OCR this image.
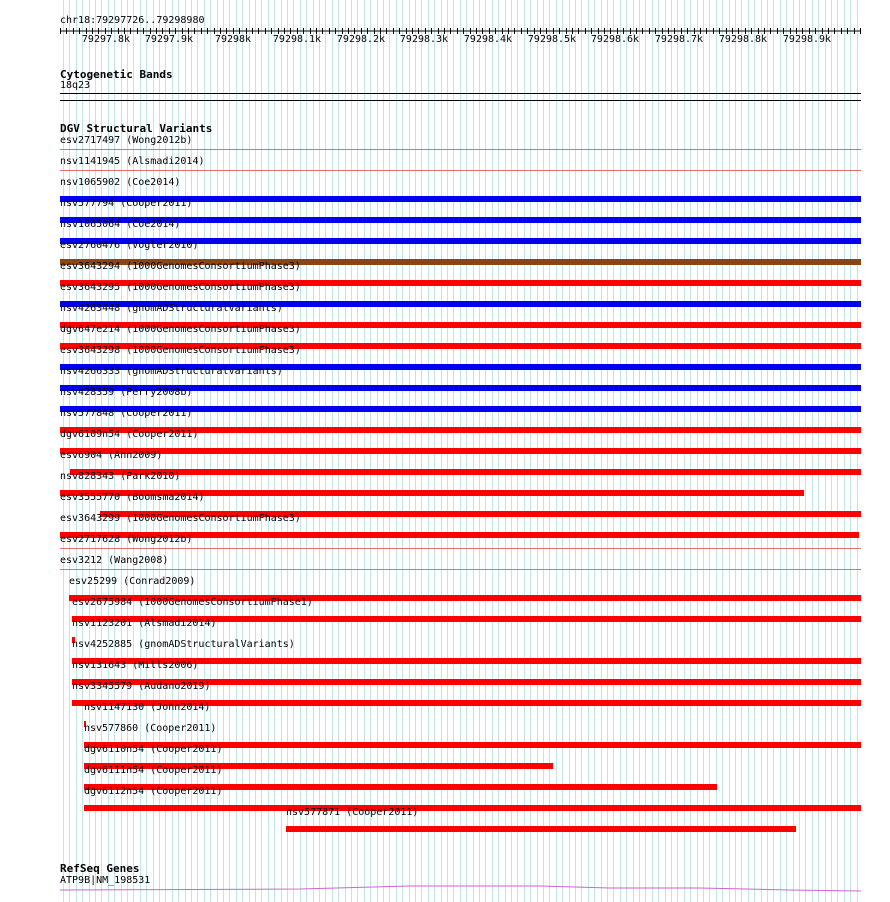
chr18:79297726..79298980
79297.8k 79297.9k 79298k 79298.1k 79298.2k 79298.3k 79298.4k 79298.5k 79298.6k 79298.7k 79298.8k 79298.9k
Cytogenetic Bands
18q23
DGV Structural Variants
esv2717497 (Wong2012b)
nsv1141945 (Alsmadi2014)
nsv1065902 (Coe2014)
nsv577794 (Cooper2011)
nsv1065064 (Coe2014)
esv2760476 (Vogler2010)
esv3643294 (1000GenomesConsortiumPhase3)
esv3643295 (1000GenomesConsortiumPhase3)
nsv4263448 (gnomADStructuralVariants)
dgv647e214 (1000GenomesConsortiumPhase3)
esv3643298 (1000GenomesConsortiumPhase3)
nsv4266333 (gnomADStructuralVariants)
nsv428359 (Perry2008b)
nsv577848 (Cooper2011)
dgv6109n54 (Cooper2011)
esv6904 (Ahn2009)
nsv828343 (Park2010)
esv3555770 (Boomsma2014)
esv3643299 (1000GenomesConsortiumPhase3)
esv2717628 (Wong2012b)
esv3212 (Wang2008)
esv25299 (Conrad2009)
esv2675984 (1000GenomesConsortiumPhase1)
nsv1123201 (Alsmadi2014)
nsv4252885 (gnomADStructuralVariants)
nsv131643 (Mills2006)
nsv3345579 (Audano2019)
nsv1147130 (John2014)
nsv577860 (Cooper2011)
dgv6110n54 (Cooper2011)
dgv6111n54 (Cooper2011)
dgv6112n54 (Cooper2011)
nsv577871 (Cooper2011)
RefSeq Genes
ATP9B|NM_198531
